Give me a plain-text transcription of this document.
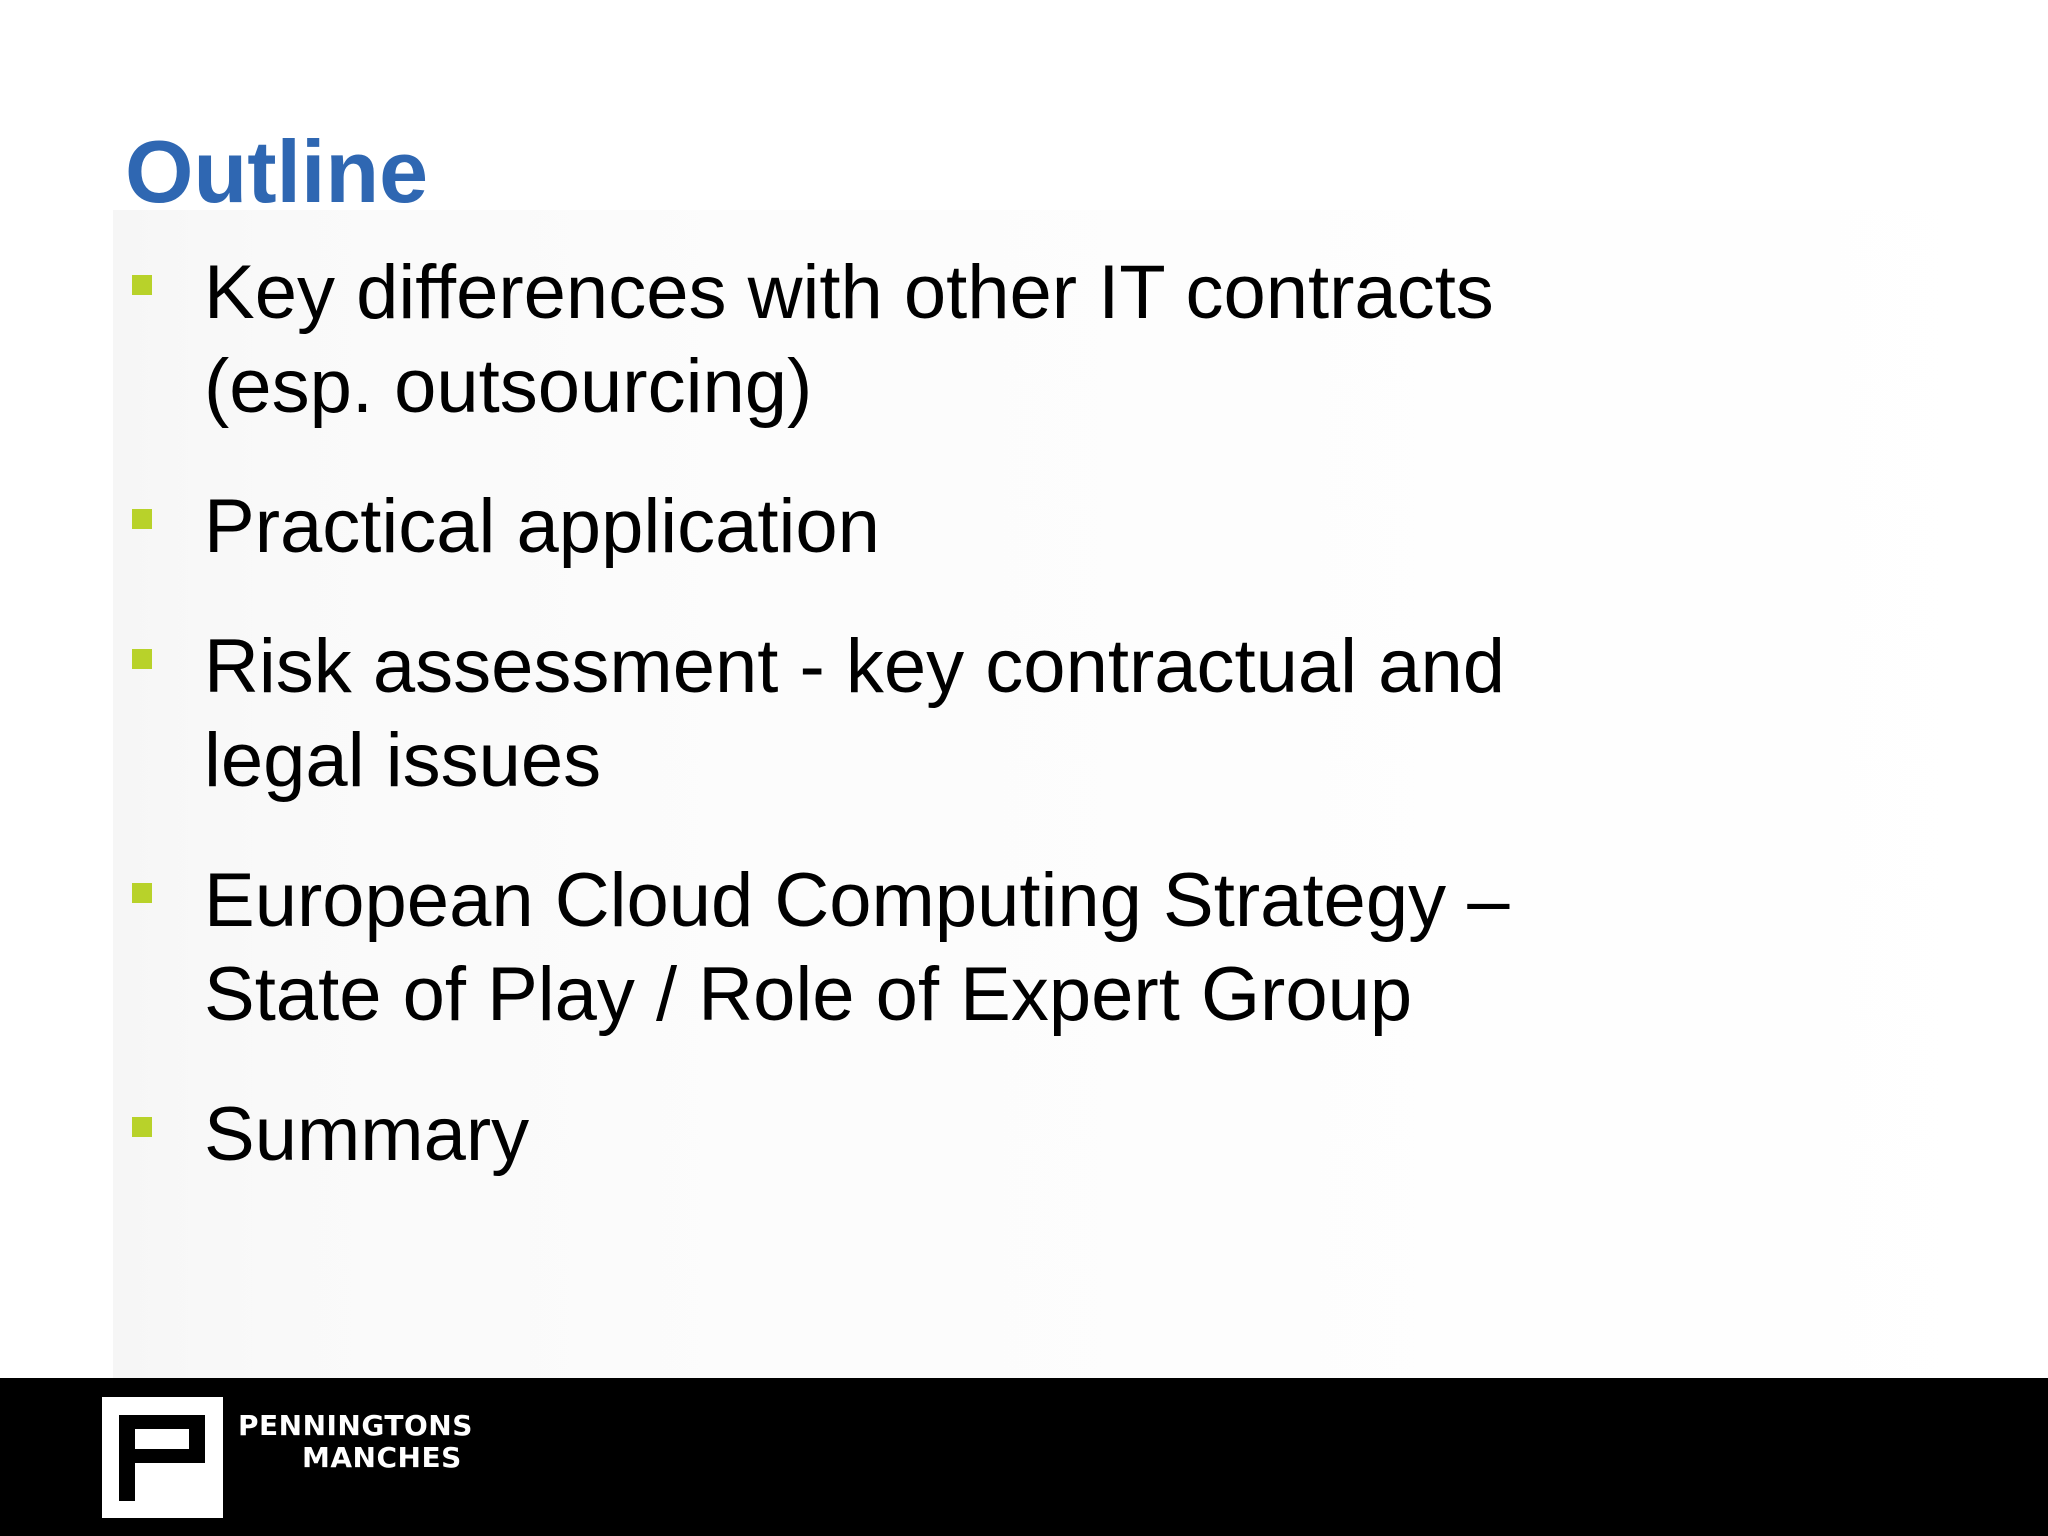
Outline
Key differences with other IT contracts
(esp. outsourcing)
Practical application
Risk assessment - key contractual and
legal issues
European Cloud Computing Strategy –
State of Play / Role of Expert Group
Summary
PENNINGTONS
MANCHES
